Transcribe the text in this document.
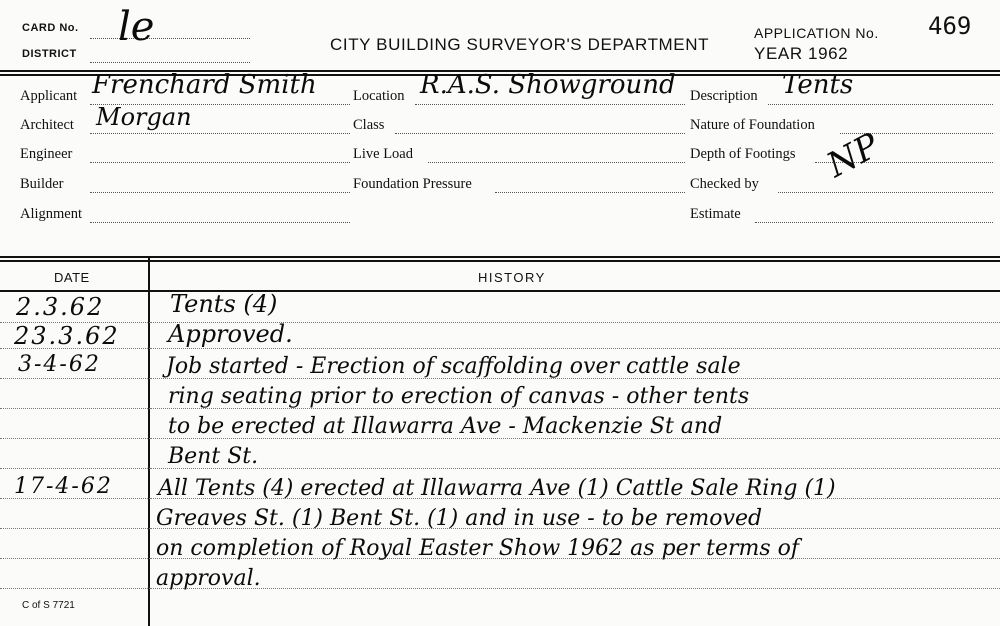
CARD No. le
DISTRICT	CITY BUILDING SURVEYOR'S DEPARTMENT
APPLICATION No. 469
YEAR 1962
Applicant Frenchard Smith
Architect Morgan
Engineer
Builder
Alignment
Location R.A.S. Showground
Class
Live Load
Foundation Pressure
Description Tents
Nature of Foundation
Depth of Footings
Checked by NP
Estimate
DATE	HISTORY
2.3.62	Tents (4)
23.3.62 Approved.
3-4-62	Job started - Erection of scaffolding over cattle sale
ring seating prior to erection of canvas - other tents
to be erected at Illawarra Ave - Mackenzie St and
Bent St.
17-4-62 All Tents (4) erected at Illawarra Ave (1) Cattle Sale Ring (1)
Greaves St. (1) Bent St. (1) and in use - to be removed
on completion of Royal Easter Show 1962 as per terms of
approval.
C of S 7721
